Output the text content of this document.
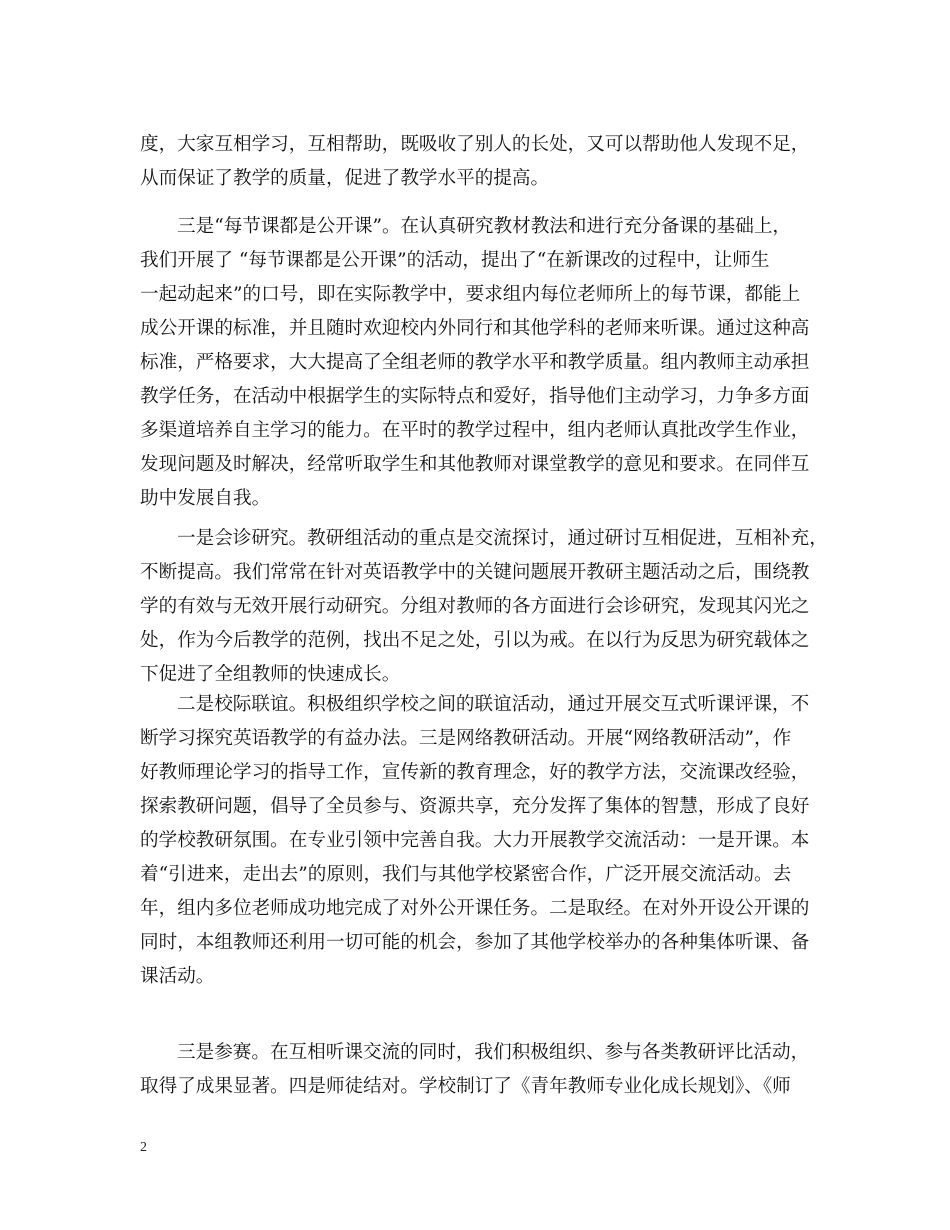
度，大家互相学习，互相帮助，既吸收了别人的长处，又可以帮助他人发现不足，
从而保证了教学的质量，促进了教学水平的提高。
三是“每节课都是公开课”。在认真研究教材教法和进行充分备课的基础上，
我们开展了 “每节课都是公开课”的活动，提出了“在新课改的过程中，让师生
一起动起来”的口号，即在实际教学中，要求组内每位老师所上的每节课，都能上
成公开课的标准，并且随时欢迎校内外同行和其他学科的老师来听课。通过这种高
标准，严格要求，大大提高了全组老师的教学水平和教学质量。组内教师主动承担
教学任务，在活动中根据学生的实际特点和爱好，指导他们主动学习，力争多方面
多渠道培养自主学习的能力。在平时的教学过程中，组内老师认真批改学生作业，
发现问题及时解决，经常听取学生和其他教师对课堂教学的意见和要求。在同伴互
助中发展自我。
一是会诊研究。教研组活动的重点是交流探讨，通过研讨互相促进，互相补充，
不断提高。我们常常在针对英语教学中的关键问题展开教研主题活动之后，围绕教
学的有效与无效开展行动研究。分组对教师的各方面进行会诊研究，发现其闪光之
处，作为今后教学的范例，找出不足之处，引以为戒。在以行为反思为研究载体之
下促进了全组教师的快速成长。
二是校际联谊。积极组织学校之间的联谊活动，通过开展交互式听课评课，不
断学习探究英语教学的有益办法。三是网络教研活动。开展“网络教研活动”，作
好教师理论学习的指导工作，宣传新的教育理念，好的教学方法，交流课改经验，
探索教研问题，倡导了全员参与、资源共享，充分发挥了集体的智慧，形成了良好
的学校教研氛围。在专业引领中完善自我。大力开展教学交流活动：一是开课。本
着“引进来，走出去”的原则，我们与其他学校紧密合作，广泛开展交流活动。去
年，组内多位老师成功地完成了对外公开课任务。二是取经。在对外开设公开课的
同时，本组教师还利用一切可能的机会，参加了其他学校举办的各种集体听课、备
课活动。
三是参赛。在互相听课交流的同时，我们积极组织、参与各类教研评比活动，
取得了成果显著。四是师徒结对。学校制订了《青年教师专业化成长规划》、《师
2
